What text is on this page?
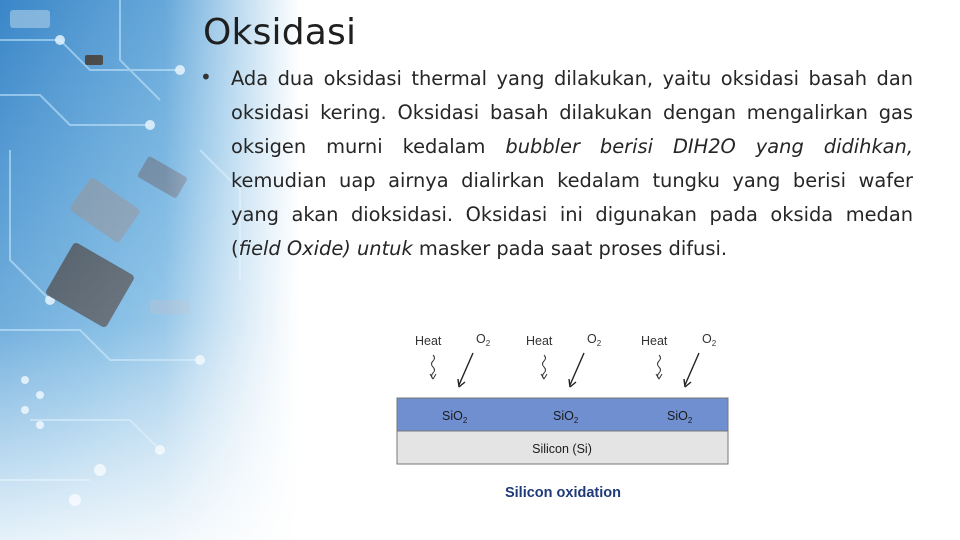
Oksidasi
• Ada dua oksidasi thermal yang dilakukan, yaitu oksidasi basah dan oksidasi kering. Oksidasi basah dilakukan dengan mengalirkan gas oksigen murni kedalam bubbler berisi DIH2O yang didihkan, kemudian uap airnya dialirkan kedalam tungku yang berisi wafer yang akan dioksidasi. Oksidasi ini digunakan pada oksida medan (field Oxide) untuk masker pada saat proses difusi.

Heat	$O_2$	Heat	$O_2$	Heat	$O_2$
SiO$_2$	SiO$_2$	SiO$_2$
Silicon (Si)
Silicon oxidation
